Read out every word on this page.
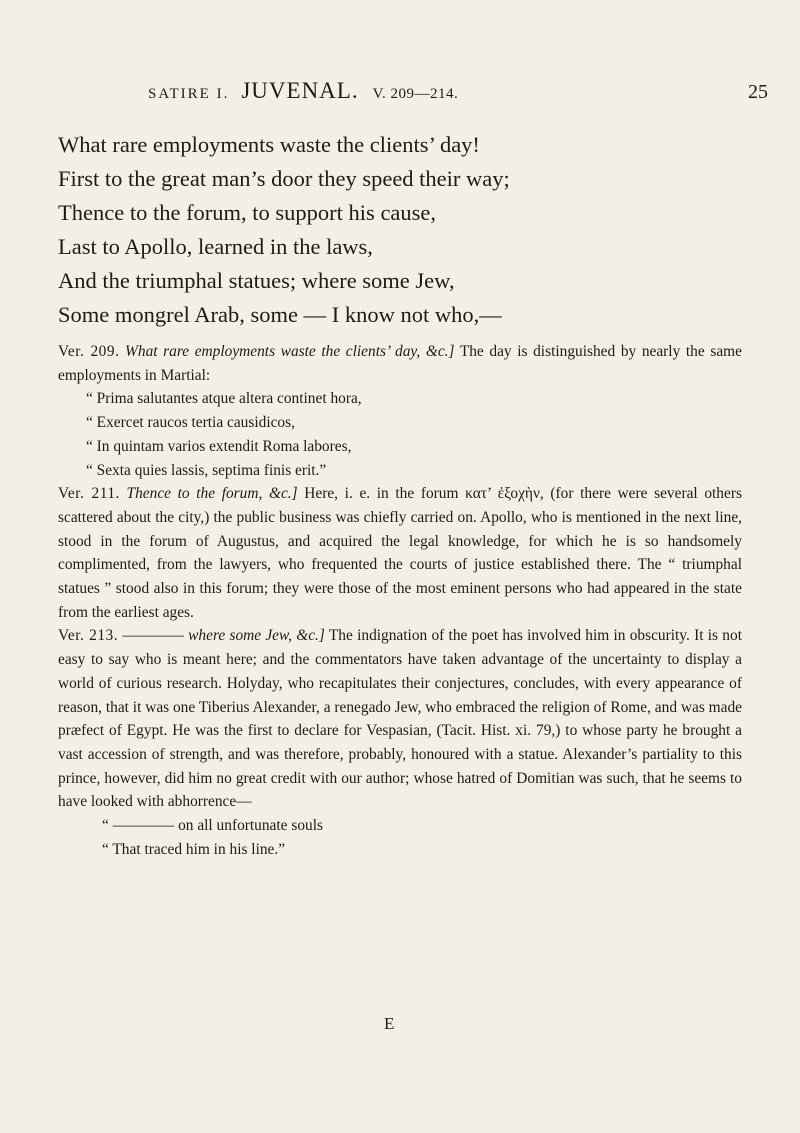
SATIRE I. JUVENAL. V. 209—214.	25
What rare employments waste the clients’ day!
First to the great man’s door they speed their way;
Thence to the forum, to support his cause,
Last to Apollo, learned in the laws,
And the triumphal statues; where some Jew,
Some mongrel Arab, some — I know not who,—

Ver. 209. What rare employments waste the clients’ day, &c.] The day is distinguished by nearly the same employments in Martial:

“ Prima salutantes atque altera continet hora,

“ Exercet raucos tertia causidicos,

“ In quintam varios extendit Roma labores,

“ Sexta quies lassis, septima finis erit.”

Ver. 211. Thence to the forum, &c.] Here, i. e. in the forum κατ’ ἐξοχὴν, (for there were several others scattered about the city,) the public business was chiefly carried on. Apollo, who is mentioned in the next line, stood in the forum of Augustus, and acquired the legal knowledge, for which he is so handsomely complimented, from the lawyers, who frequented the courts of justice established there. The “ triumphal statues ” stood also in this forum; they were those of the most eminent persons who had appeared in the state from the earliest ages.

Ver. 213. ———— where some Jew, &c.] The indignation of the poet has involved him in obscurity. It is not easy to say who is meant here; and the commentators have taken advantage of the uncertainty to display a world of curious research. Holyday, who recapitulates their conjectures, concludes, with every appearance of reason, that it was one Tiberius Alexander, a renegado Jew, who embraced the religion of Rome, and was made præfect of Egypt. He was the first to declare for Vespasian, (Tacit. Hist. xi. 79,) to whose party he brought a vast accession of strength, and was therefore, probably, honoured with a statue. Alexander’s partiality to this prince, however, did him no great credit with our author; whose hatred of Domitian was such, that he seems to have looked with abhorrence—

“ ———— on all unfortunate souls

“ That traced him in his line.”

E
